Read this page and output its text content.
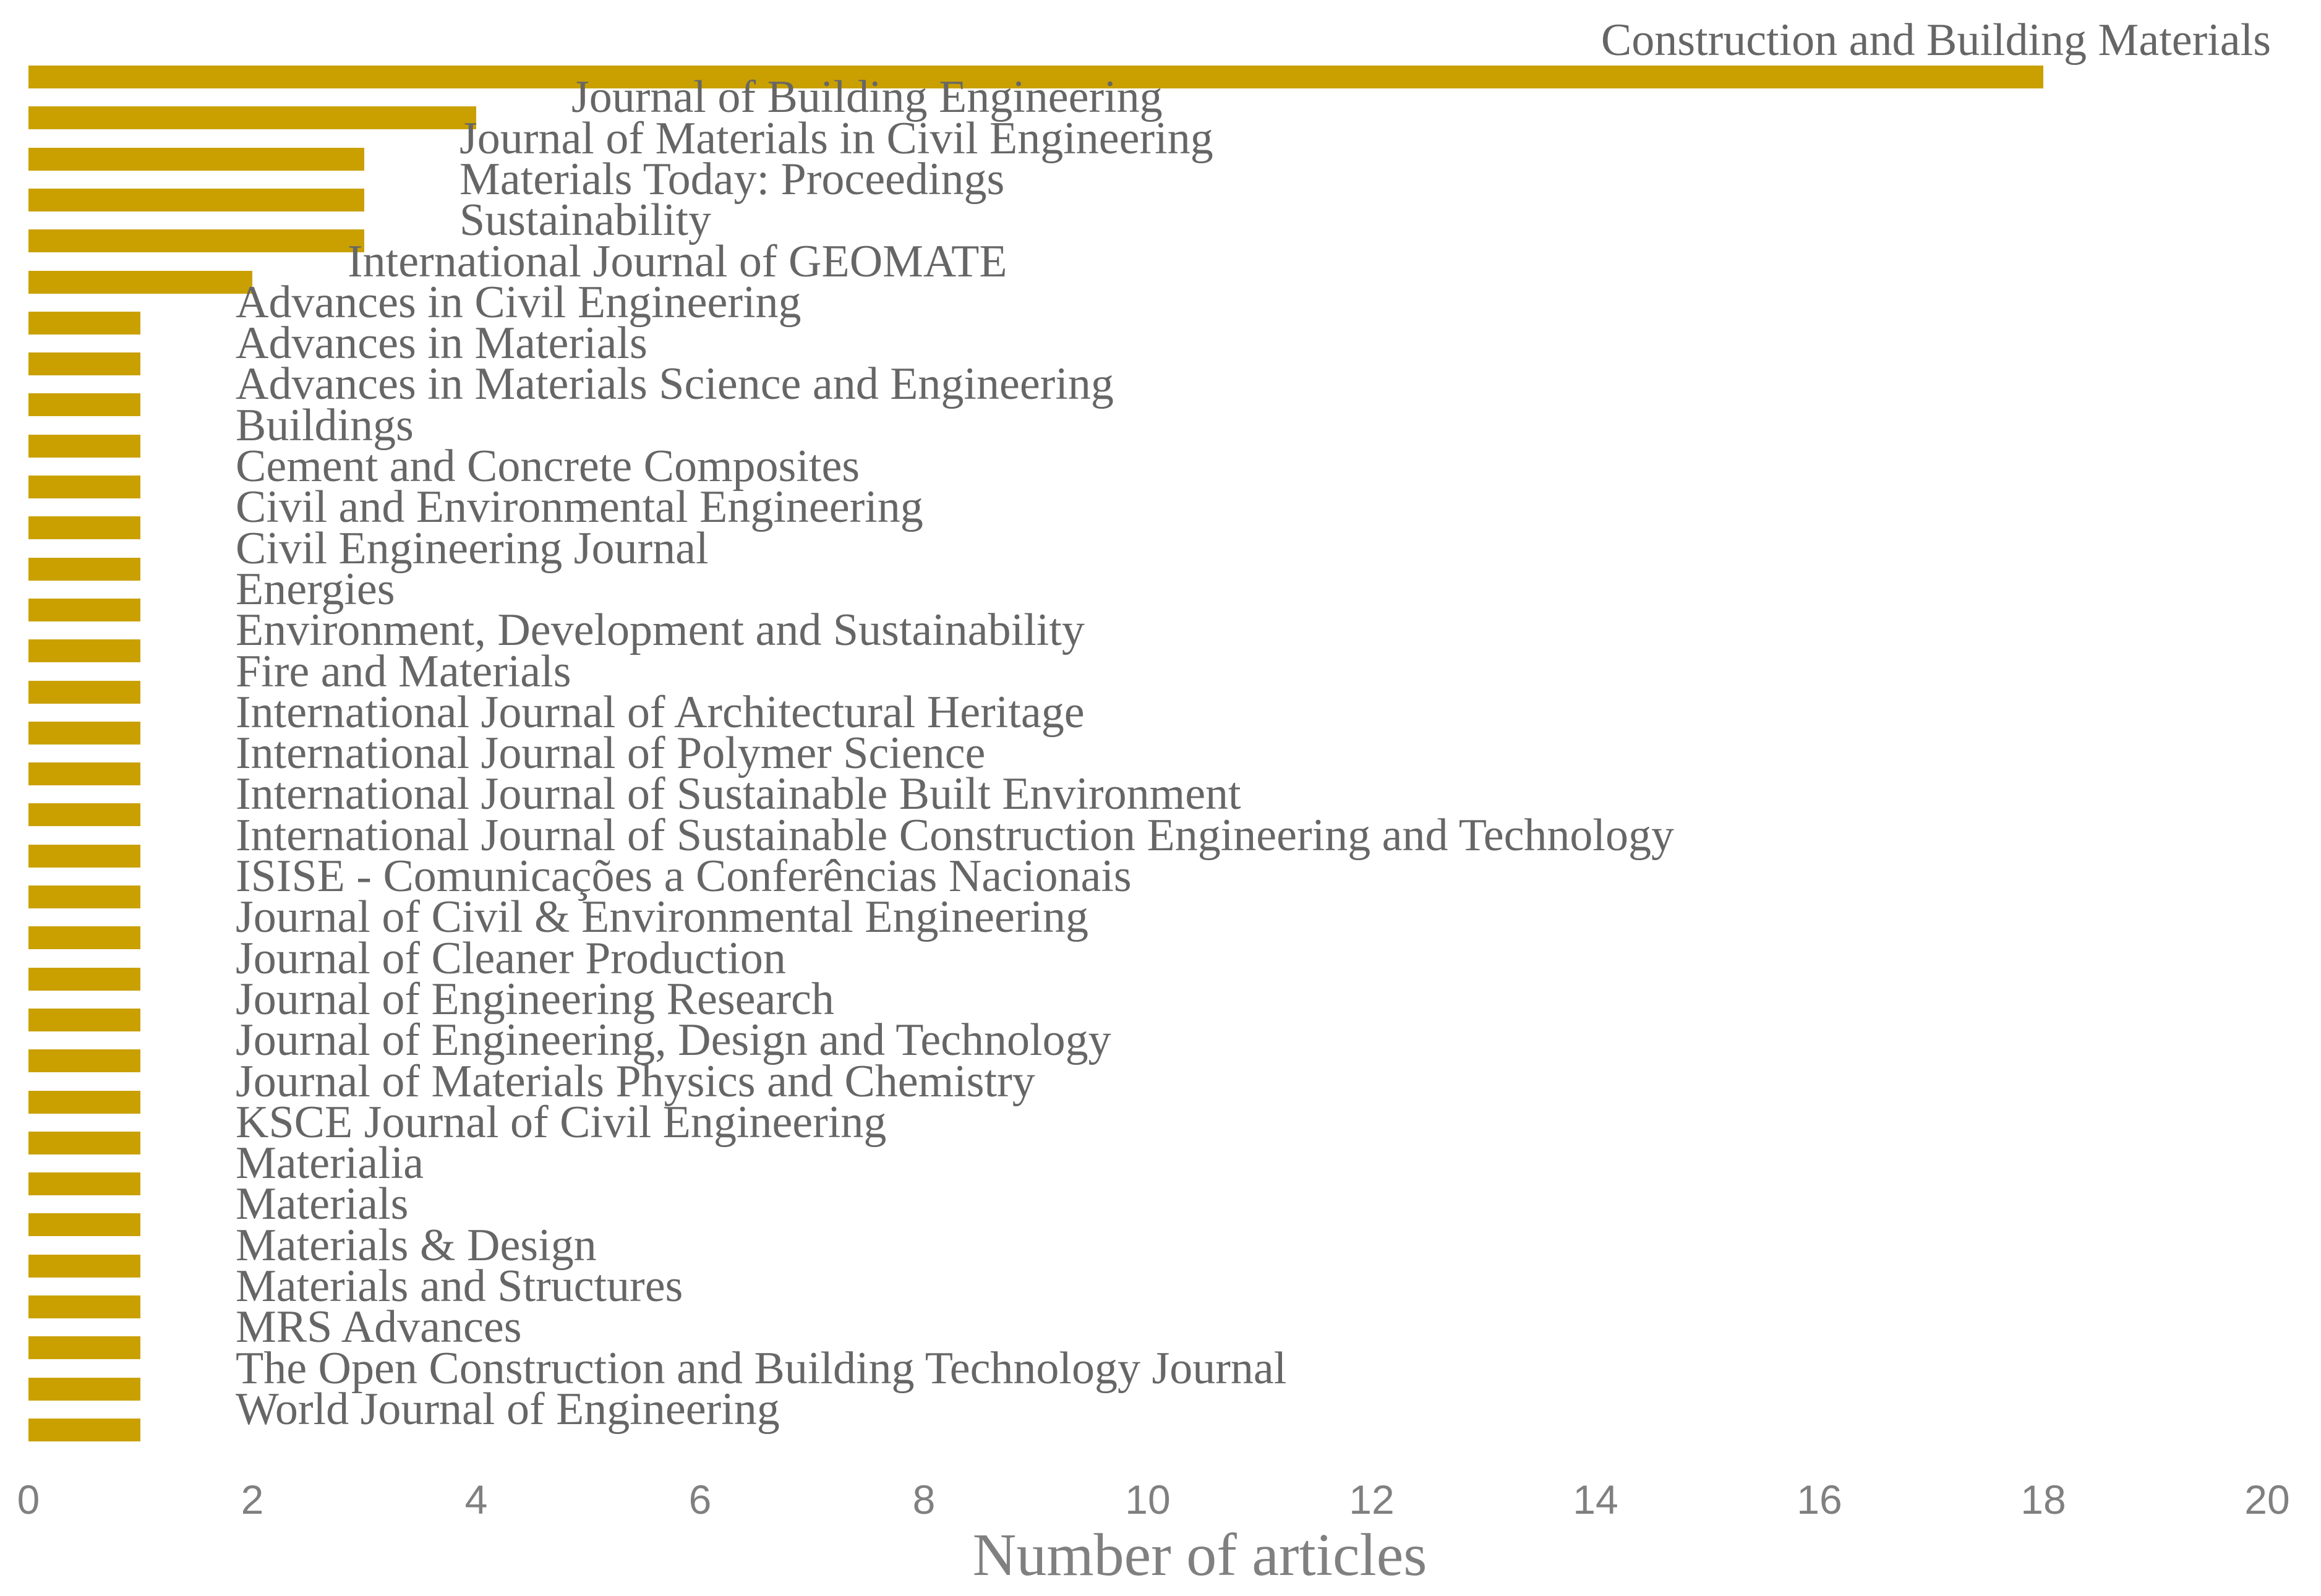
Construction and Building Materials
Journal of Building Engineering
Journal of Materials in Civil Engineering
Materials Today: Proceedings
Sustainability
International Journal of GEOMATE
Advances in Civil Engineering
Advances in Materials
Advances in Materials Science and Engineering
Buildings
Cement and Concrete Composites
Civil and Environmental Engineering
Civil Engineering Journal
Energies
Environment, Development and Sustainability
Fire and Materials
International Journal of Architectural Heritage
International Journal of Polymer Science
International Journal of Sustainable Built Environment
International Journal of Sustainable Construction Engineering and Technology
ISISE - Comunicações a Conferências Nacionais
Journal of Civil & Environmental Engineering
Journal of Cleaner Production
Journal of Engineering Research
Journal of Engineering, Design and Technology
Journal of Materials Physics and Chemistry
KSCE Journal of Civil Engineering
Materialia
Materials
Materials & Design
Materials and Structures
MRS Advances
The Open Construction and Building Technology Journal
World Journal of Engineering
0	2	4	6	8	10	12	14	16	18	20
Number of articles
